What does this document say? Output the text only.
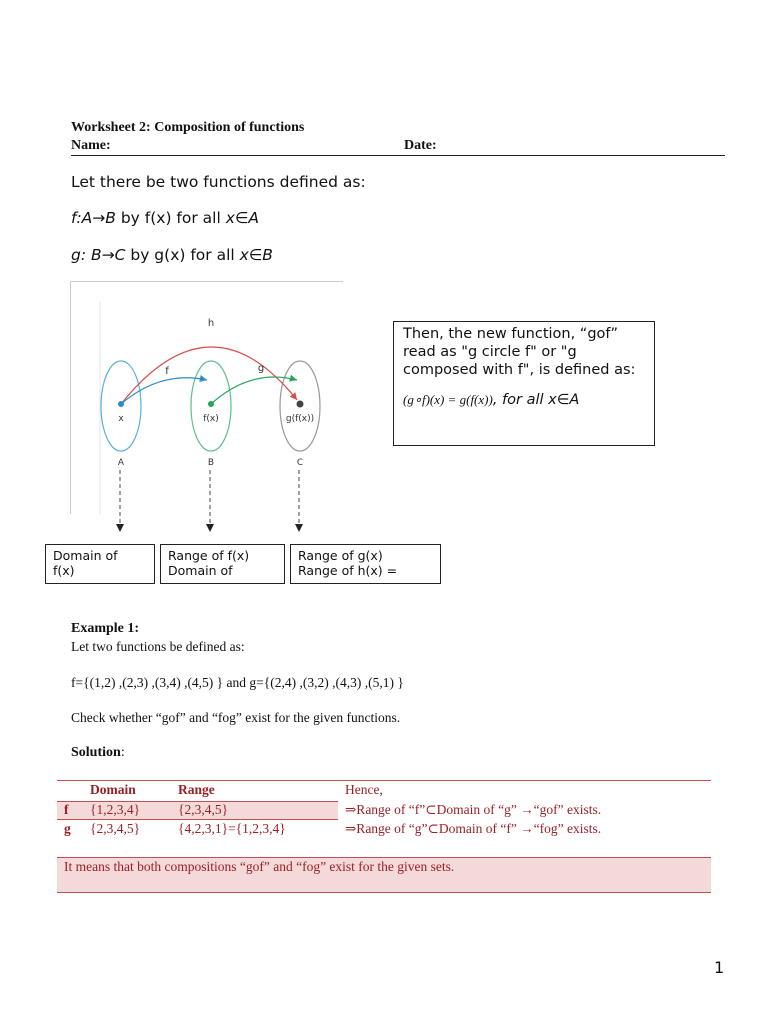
Worksheet 2: Composition of functions
Name:	Date:
Let there be two functions defined as:
f:A→B by f(x) for all x∈A
g: B→C by g(x) for all x∈B
h
f	g
x	f(x)	g(f(x))
A	B	C
Then, the new function, “gof” read as "g circle f" or "g composed with f", is defined as:
(g∘f)(x) = g(f(x)), for all x∈A
Domain of
f(x)
Range of f(x)
Domain of
Range of g(x)
Range of h(x) =
Example 1:
Let two functions be defined as:
f={(1,2) ,(2,3) ,(3,4) ,(4,5) } and g={(2,4) ,(3,2) ,(4,3) ,(5,1) }
Check whether “gof” and “fog” exist for the given functions.
Solution:
Domain	Range
f {1,2,3,4}	{2,3,4,5}
g {2,3,4,5}	{4,2,3,1}={1,2,3,4}
Hence,
⇒Range of “f”⊂Domain of “g” →“gof” exists.
⇒Range of “g”⊂Domain of “f” →“fog” exists.
It means that both compositions “gof” and “fog” exist for the given sets.
1
